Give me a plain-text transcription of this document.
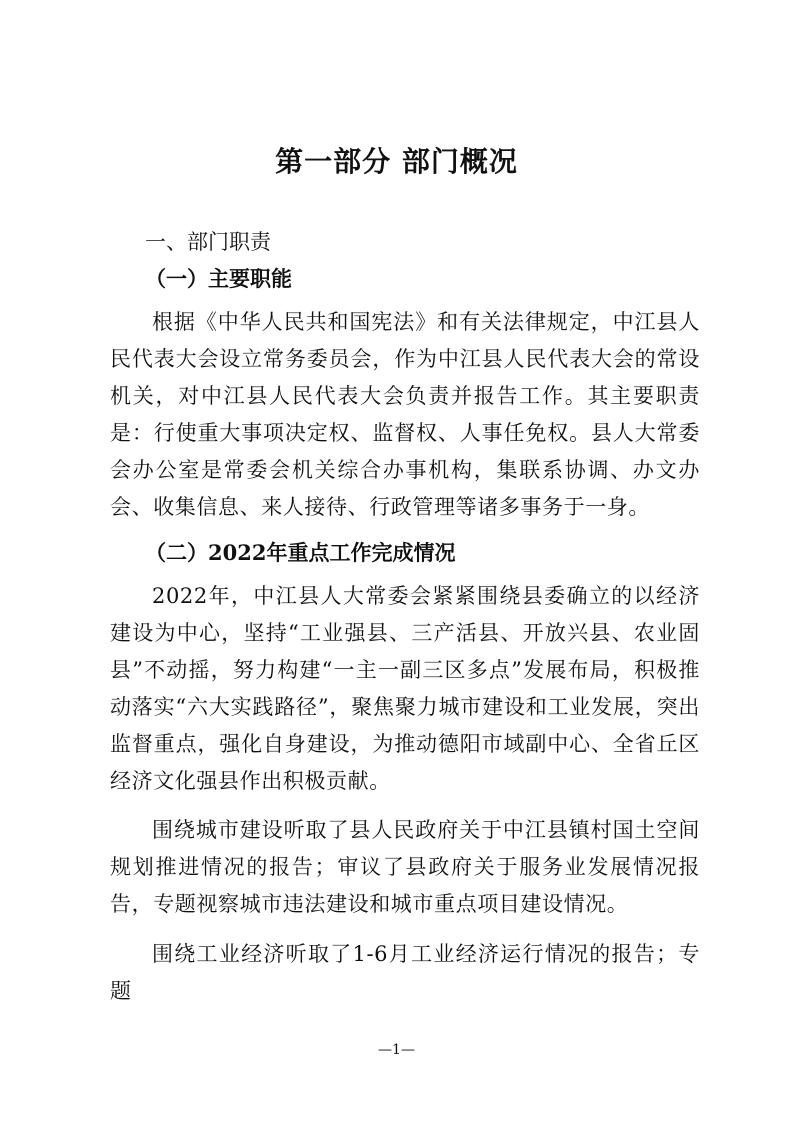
第一部分 部门概况
一、部门职责
（一）主要职能

根据《中华人民共和国宪法》和有关法律规定，中江县人民代表大会设立常务委员会，作为中江县人民代表大会的常设机关，对中江县人民代表大会负责并报告工作。其主要职责是：行使重大事项决定权、监督权、人事任免权。县人大常委会办公室是常委会机关综合办事机构，集联系协调、办文办会、收集信息、来人接待、行政管理等诸多事务于一身。

（二）2022年重点工作完成情况

2022年，中江县人大常委会紧紧围绕县委确立的以经济建设为中心，坚持“工业强县、三产活县、开放兴县、农业固县”不动摇，努力构建“一主一副三区多点”发展布局，积极推动落实“六大实践路径”，聚焦聚力城市建设和工业发展，突出监督重点，强化自身建设，为推动德阳市域副中心、全省丘区经济文化强县作出积极贡献。

围绕城市建设听取了县人民政府关于中江县镇村国土空间规划推进情况的报告；审议了县政府关于服务业发展情况报告，专题视察城市违法建设和城市重点项目建设情况。

围绕工业经济听取了1-6月工业经济运行情况的报告；专题

—1—
